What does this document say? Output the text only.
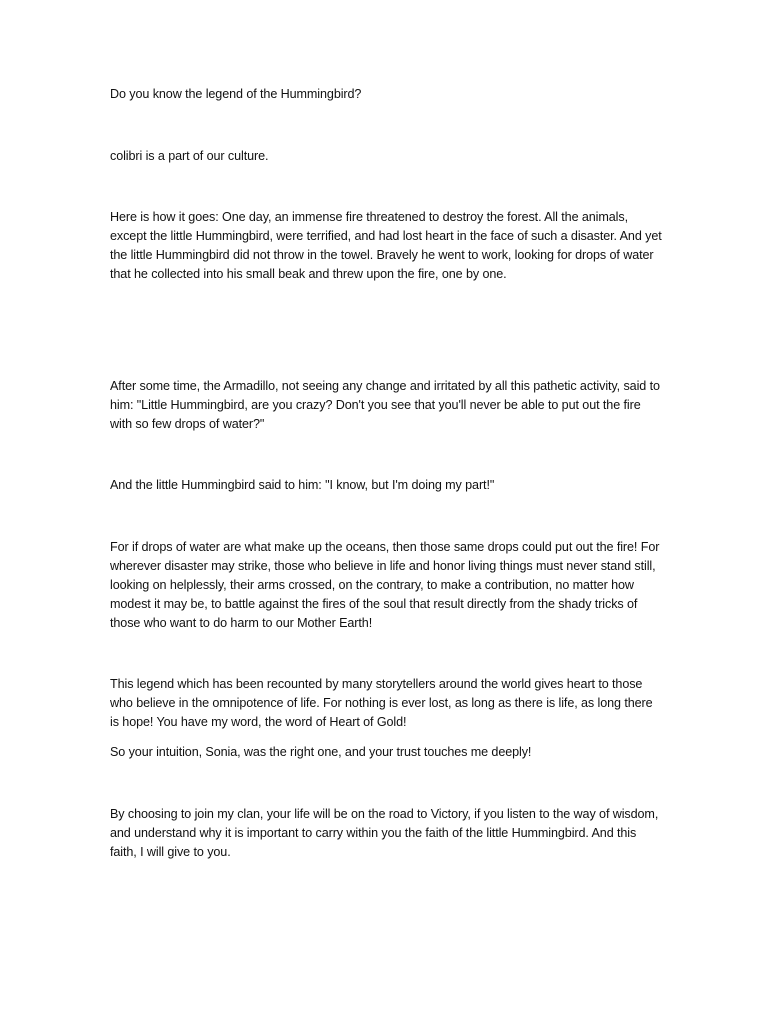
Do you know the legend of the Hummingbird?

colibri is a part of our culture.

Here is how it goes: One day, an immense fire threatened to destroy the forest. All the animals, except the little Hummingbird, were terrified, and had lost heart in the face of such a disaster. And yet the little Hummingbird did not throw in the towel. Bravely he went to work, looking for drops of water that he collected into his small beak and threw upon the fire, one by one.

After some time, the Armadillo, not seeing any change and irritated by all this pathetic activity, said to him: "Little Hummingbird, are you crazy? Don't you see that you'll never be able to put out the fire with so few drops of water?"

And the little Hummingbird said to him: "I know, but I'm doing my part!"

For if drops of water are what make up the oceans, then those same drops could put out the fire! For wherever disaster may strike, those who believe in life and honor living things must never stand still, looking on helplessly, their arms crossed, on the contrary, to make a contribution, no matter how modest it may be, to battle against the fires of the soul that result directly from the shady tricks of those who want to do harm to our Mother Earth!

This legend which has been recounted by many storytellers around the world gives heart to those who believe in the omnipotence of life. For nothing is ever lost, as long as there is life, as long there is hope! You have my word, the word of Heart of Gold!

So your intuition, Sonia, was the right one, and your trust touches me deeply!

By choosing to join my clan, your life will be on the road to Victory, if you listen to the way of wisdom, and understand why it is important to carry within you the faith of the little Hummingbird. And this faith, I will give to you.
